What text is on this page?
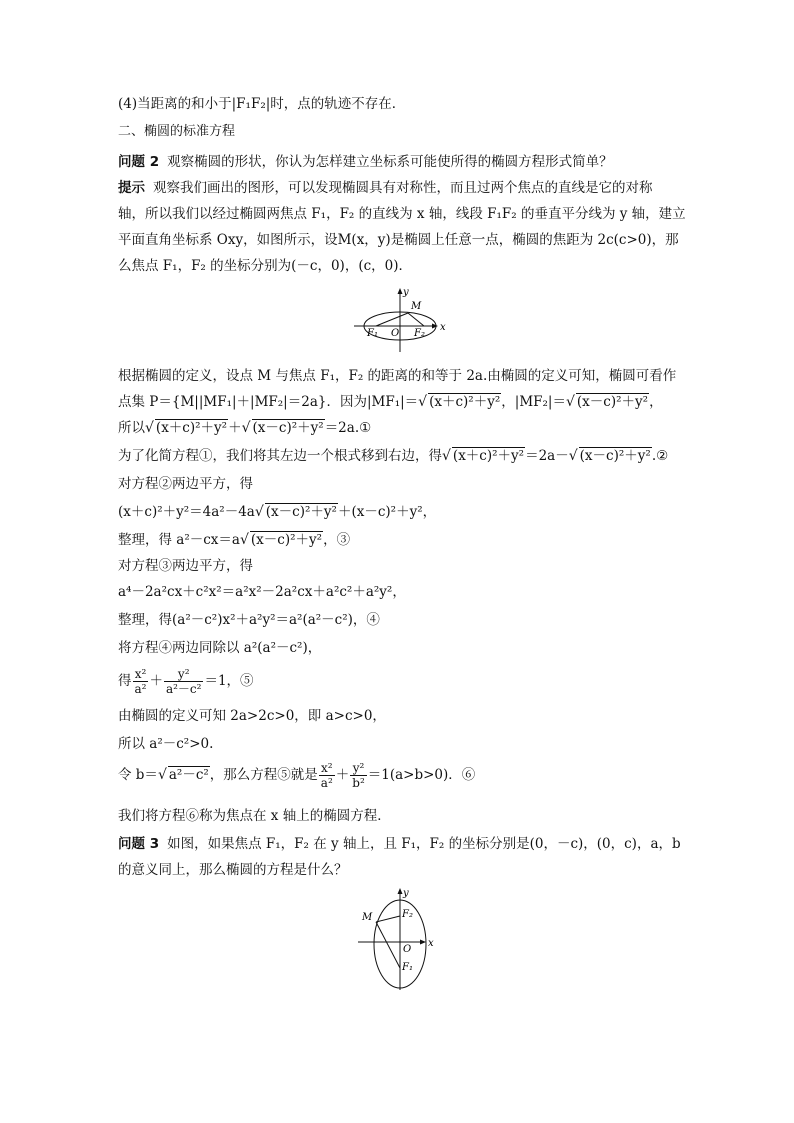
(4)当距离的和小于|F₁F₂|时，点的轨迹不存在．
二、椭圆的标准方程
问题 2 观察椭圆的形状，你认为怎样建立坐标系可能使所得的椭圆方程形式简单？
提示 观察我们画出的图形，可以发现椭圆具有对称性，而且过两个焦点的直线是它的对称
轴，所以我们以经过椭圆两焦点 F₁，F₂ 的直线为 x 轴，线段 F₁F₂ 的垂直平分线为 y 轴，建立
平面直角坐标系 Oxy，如图所示，设M(x，y)是椭圆上任意一点，椭圆的焦距为 2c(c>0)，那
么焦点 F₁，F₂ 的坐标分别为(－c，0)，(c，0)．
y
M
F₁ O F₂
x
根据椭圆的定义，设点 M 与焦点 F₁，F₂ 的距离的和等于 2a.由椭圆的定义可知，椭圆可看作
点集 P＝{M||MF₁|＋|MF₂|＝2a}．因为|MF₁|＝√ (x＋c)²＋y²，|MF₂|＝√ (x－c)²＋y²，
所以√ (x＋c)²＋y²＋√ (x－c)²＋y²＝2a.①
为了化简方程①，我们将其左边一个根式移到右边，得√ (x＋c)²＋y²＝2a－√ (x－c)²＋y².②
对方程②两边平方，得
(x＋c)²＋y²＝4a²－4a√ (x－c)²＋y²＋(x－c)²＋y²，
整理，得 a²－cx＝a√ (x－c)²＋y²，③
对方程③两边平方，得
a⁴－2a²cx＋c²x²＝a²x²－2a²cx＋a²c²＋a²y²，
整理，得(a²－c²)x²＋a²y²＝a²(a²－c²)，④
将方程④两边同除以 a²(a²－c²)，
得 $\frac{\text{x²}}{\text{a²}} + \frac{\text{y²}}{\text{a²－c²}} =1$，⑤
由椭圆的定义可知 2a>2c>0，即 a>c>0，
所以 a²－c²>0.
令 b＝√ a²－c²，那么方程⑤就是 $\frac{\text{x²}}{\text{a²}} + \frac{\text{y²}}{\text{b²}} =1(a>b>0)$．⑥
我们将方程⑥称为焦点在 x 轴上的椭圆方程．
问题 3 如图，如果焦点 F₁，F₂ 在 y 轴上，且 F₁，F₂ 的坐标分别是(0，－c)，(0，c)，a，b
的意义同上，那么椭圆的方程是什么？
y
M	F₂
O
x
F₁
